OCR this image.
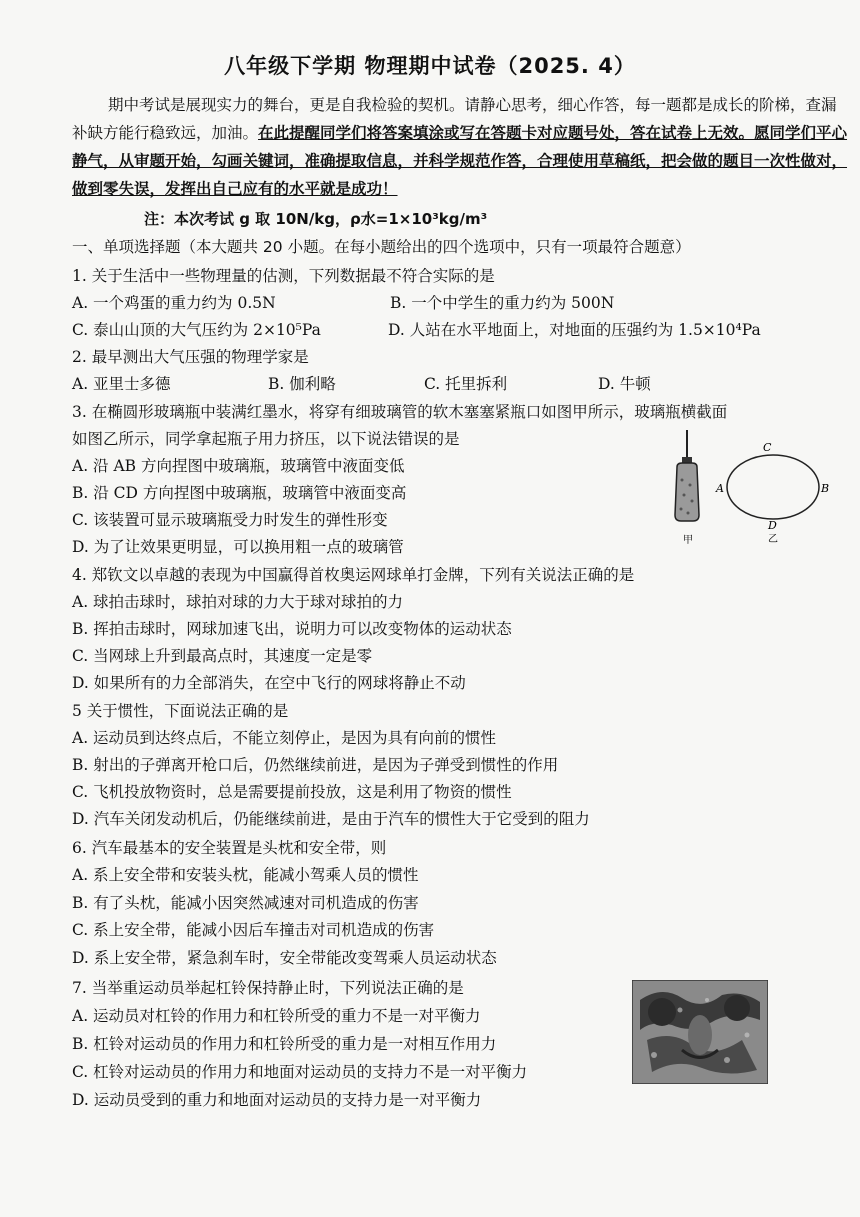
八年级下学期 物理期中试卷（2025. 4）
期中考试是展现实力的舞台，更是自我检验的契机。请静心思考，细心作答，每一题都是成长的阶梯，查漏补缺方能行稳致远，加油。在此提醒同学们将答案填涂或写在答题卡对应题号处，答在试卷上无效。愿同学们平心静气，从审题开始，勾画关键词，准确提取信息，并科学规范作答，合理使用草稿纸，把会做的题目一次性做对，做到零失误，发挥出自己应有的水平就是成功！
注：本次考试 g 取 10N/kg，ρ水=1×10³kg/m³
一、单项选择题（本大题共 20 小题。在每小题给出的四个选项中，只有一项最符合题意）
1. 关于生活中一些物理量的估测，下列数据最不符合实际的是
A. 一个鸡蛋的重力约为 0.5N	B. 一个中学生的重力约为 500N
C. 泰山山顶的大气压约为 2×10⁵Pa	D. 人站在水平地面上，对地面的压强约为 1.5×10⁴Pa
2. 最早测出大气压强的物理学家是
A. 亚里士多德	B. 伽利略	C. 托里拆利	D. 牛顿
3. 在椭圆形玻璃瓶中装满红墨水，将穿有细玻璃管的软木塞塞紧瓶口如图甲所示，玻璃瓶横截面
如图乙所示，同学拿起瓶子用力挤压，以下说法错误的是
A. 沿 AB 方向捏图中玻璃瓶，玻璃管中液面变低
B. 沿 CD 方向捏图中玻璃瓶，玻璃管中液面变高
C. 该装置可显示玻璃瓶受力时发生的弹性形变
D. 为了让效果更明显，可以换用粗一点的玻璃管	甲
C
A	B
D
乙
4. 郑钦文以卓越的表现为中国赢得首枚奥运网球单打金牌，下列有关说法正确的是
A. 球拍击球时，球拍对球的力大于球对球拍的力
B. 挥拍击球时，网球加速飞出，说明力可以改变物体的运动状态
C. 当网球上升到最高点时，其速度一定是零
D. 如果所有的力全部消失，在空中飞行的网球将静止不动
5 关于惯性，下面说法正确的是
A. 运动员到达终点后，不能立刻停止，是因为具有向前的惯性
B. 射出的子弹离开枪口后，仍然继续前进，是因为子弹受到惯性的作用
C. 飞机投放物资时，总是需要提前投放，这是利用了物资的惯性
D. 汽车关闭发动机后，仍能继续前进，是由于汽车的惯性大于它受到的阻力
6. 汽车最基本的安全装置是头枕和安全带，则
A. 系上安全带和安装头枕，能减小驾乘人员的惯性
B. 有了头枕，能减小因突然减速对司机造成的伤害
C. 系上安全带，能减小因后车撞击对司机造成的伤害
D. 系上安全带，紧急刹车时，安全带能改变驾乘人员运动状态
7. 当举重运动员举起杠铃保持静止时，下列说法正确的是
A. 运动员对杠铃的作用力和杠铃所受的重力不是一对平衡力
B. 杠铃对运动员的作用力和杠铃所受的重力是一对相互作用力
C. 杠铃对运动员的作用力和地面对运动员的支持力不是一对平衡力
D. 运动员受到的重力和地面对运动员的支持力是一对平衡力
